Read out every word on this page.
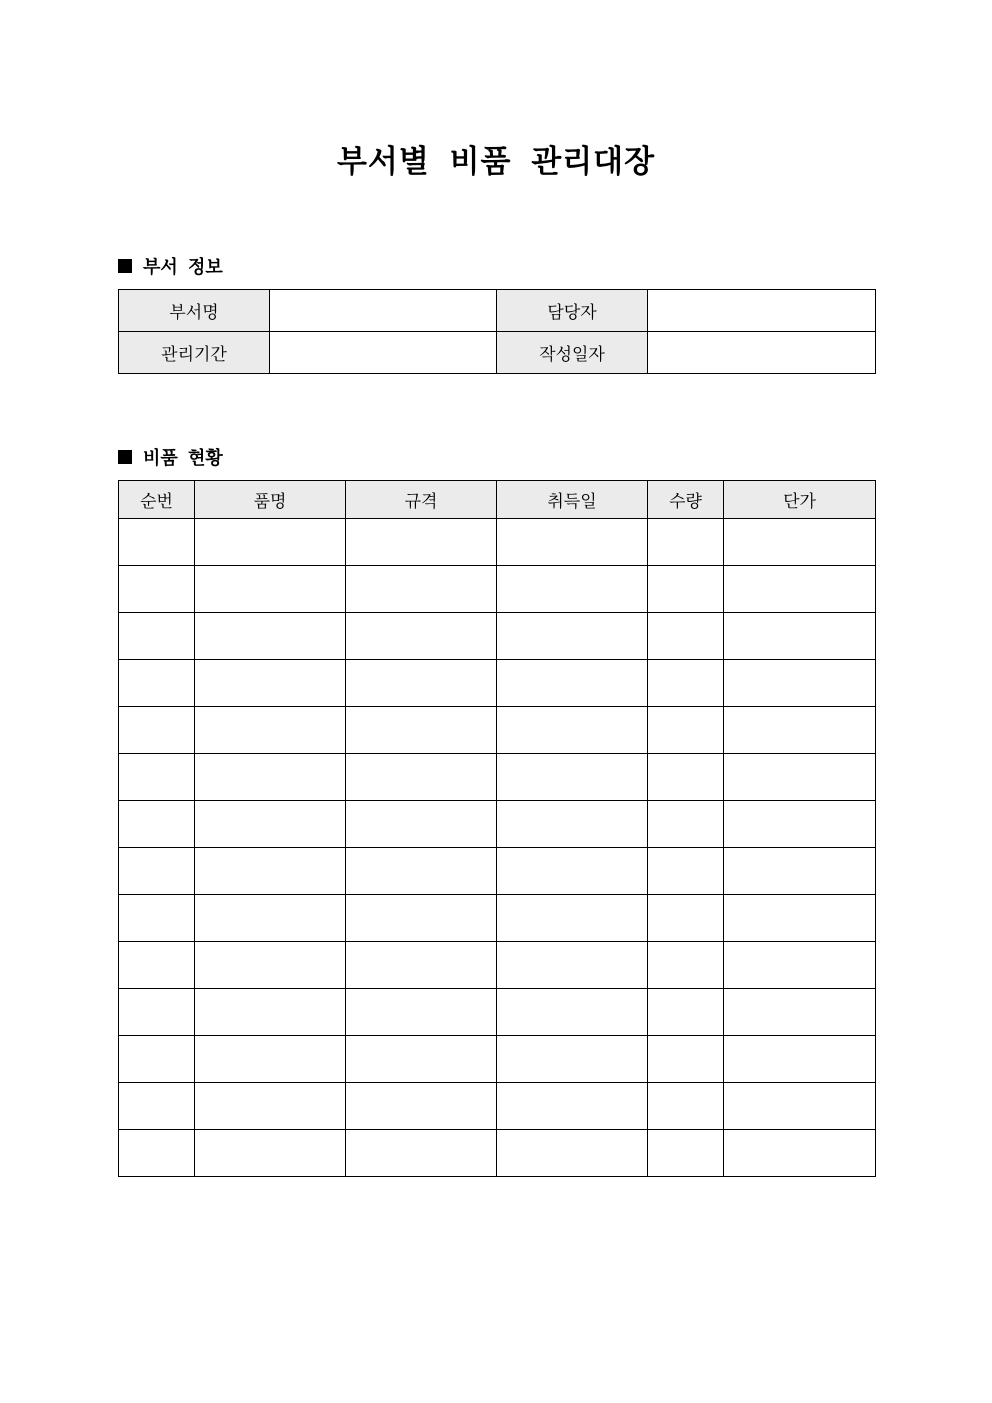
부서별 비품 관리대장
부서 정보
부서명		담당자	
관리기간		작성일자	
비품 현황
순번	품명	규격	취득일	수량	단가
